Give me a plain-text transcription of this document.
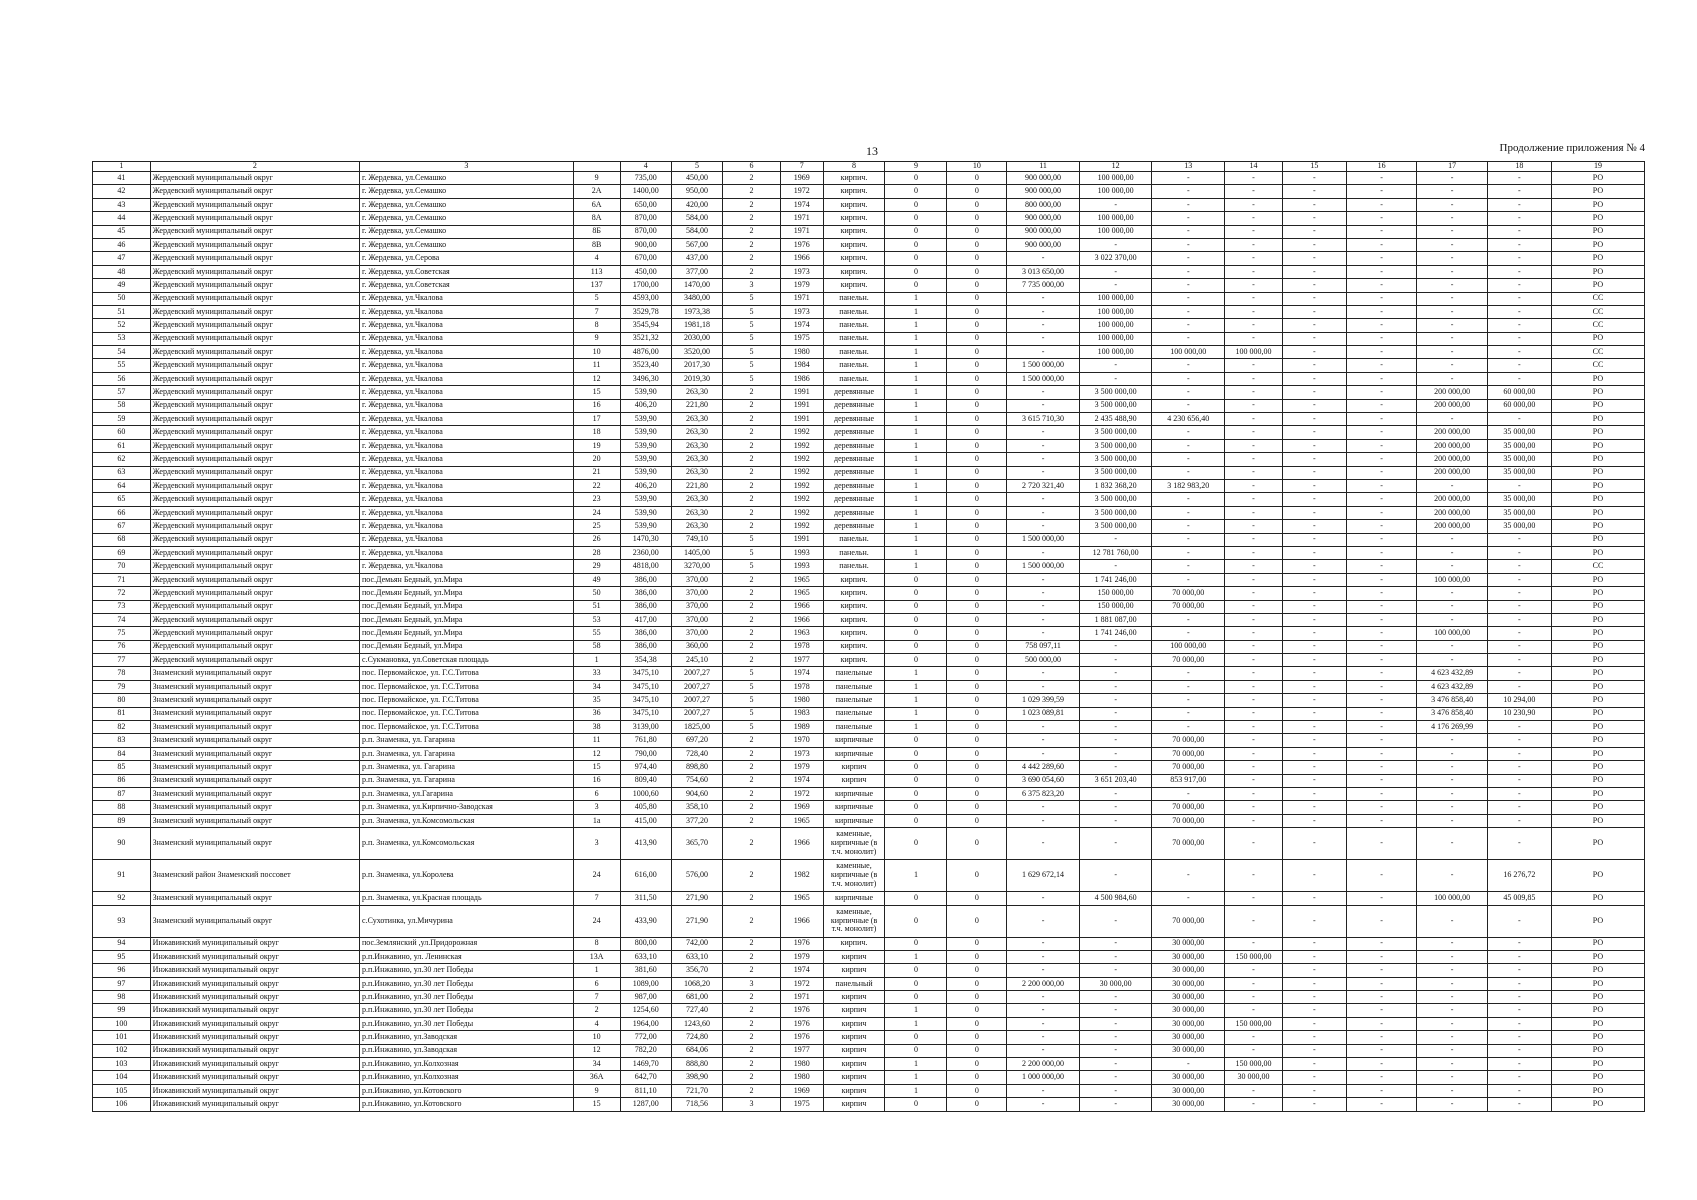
13	Продолжение приложения № 4
1	2	3		4	5	6	7	8	9	10	11	12	13	14	15	16	17	18	19
41	Жердевский муниципальный округ	г. Жердевка, ул.Семашко	9	735,00	450,00	2	1969	кирпич.	0	0	900 000,00	100 000,00	-	-	-	-	-	-	РО
42	Жердевский муниципальный округ	г. Жердевка, ул.Семашко	2А	1400,00	950,00	2	1972	кирпич.	0	0	900 000,00	100 000,00	-	-	-	-	-	-	РО
43	Жердевский муниципальный округ	г. Жердевка, ул.Семашко	6А	650,00	420,00	2	1974	кирпич.	0	0	800 000,00	-	-	-	-	-	-	-	РО
44	Жердевский муниципальный округ	г. Жердевка, ул.Семашко	8А	870,00	584,00	2	1971	кирпич.	0	0	900 000,00	100 000,00	-	-	-	-	-	-	РО
45	Жердевский муниципальный округ	г. Жердевка, ул.Семашко	8Б	870,00	584,00	2	1971	кирпич.	0	0	900 000,00	100 000,00	-	-	-	-	-	-	РО
46	Жердевский муниципальный округ	г. Жердевка, ул.Семашко	8В	900,00	567,00	2	1976	кирпич.	0	0	900 000,00	-	-	-	-	-	-	-	РО
47	Жердевский муниципальный округ	г. Жердевка, ул.Серова	4	670,00	437,00	2	1966	кирпич.	0	0	-	3 022 370,00	-	-	-	-	-	-	РО
48	Жердевский муниципальный округ	г. Жердевка, ул.Советская	113	450,00	377,00	2	1973	кирпич.	0	0	3 013 650,00	-	-	-	-	-	-	-	РО
49	Жердевский муниципальный округ	г. Жердевка, ул.Советская	137	1700,00	1470,00	3	1979	кирпич.	0	0	7 735 000,00	-	-	-	-	-	-	-	РО
50	Жердевский муниципальный округ	г. Жердевка, ул.Чкалова	5	4593,00	3480,00	5	1971	панельн.	1	0	-	100 000,00	-	-	-	-	-	-	СС
51	Жердевский муниципальный округ	г. Жердевка, ул.Чкалова	7	3529,78	1973,38	5	1973	панельн.	1	0	-	100 000,00	-	-	-	-	-	-	СС
52	Жердевский муниципальный округ	г. Жердевка, ул.Чкалова	8	3545,94	1981,18	5	1974	панельн.	1	0	-	100 000,00	-	-	-	-	-	-	СС
53	Жердевский муниципальный округ	г. Жердевка, ул.Чкалова	9	3521,32	2030,00	5	1975	панельн.	1	0	-	100 000,00	-	-	-	-	-	-	РО
54	Жердевский муниципальный округ	г. Жердевка, ул.Чкалова	10	4876,00	3520,00	5	1980	панельн.	1	0	-	100 000,00	100 000,00	100 000,00	-	-	-	-	СС
55	Жердевский муниципальный округ	г. Жердевка, ул.Чкалова	11	3523,40	2017,30	5	1984	панельн.	1	0	1 500 000,00	-	-	-	-	-	-	-	СС
56	Жердевский муниципальный округ	г. Жердевка, ул.Чкалова	12	3496,30	2019,30	5	1986	панельн.	1	0	1 500 000,00	-	-	-	-	-	-	-	РО
57	Жердевский муниципальный округ	г. Жердевка, ул.Чкалова	15	539,90	263,30	2	1991	деревянные	1	0	-	3 500 000,00	-	-	-	-	200 000,00	60 000,00	РО
58	Жердевский муниципальный округ	г. Жердевка, ул.Чкалова	16	406,20	221,80	2	1991	деревянные	1	0	-	3 500 000,00	-	-	-	-	200 000,00	60 000,00	РО
59	Жердевский муниципальный округ	г. Жердевка, ул.Чкалова	17	539,90	263,30	2	1991	деревянные	1	0	3 615 710,30	2 435 488,90	4 230 656,40	-	-	-	-	-	РО
60	Жердевский муниципальный округ	г. Жердевка, ул.Чкалова	18	539,90	263,30	2	1992	деревянные	1	0	-	3 500 000,00	-	-	-	-	200 000,00	35 000,00	РО
61	Жердевский муниципальный округ	г. Жердевка, ул.Чкалова	19	539,90	263,30	2	1992	деревянные	1	0	-	3 500 000,00	-	-	-	-	200 000,00	35 000,00	РО
62	Жердевский муниципальный округ	г. Жердевка, ул.Чкалова	20	539,90	263,30	2	1992	деревянные	1	0	-	3 500 000,00	-	-	-	-	200 000,00	35 000,00	РО
63	Жердевский муниципальный округ	г. Жердевка, ул.Чкалова	21	539,90	263,30	2	1992	деревянные	1	0	-	3 500 000,00	-	-	-	-	200 000,00	35 000,00	РО
64	Жердевский муниципальный округ	г. Жердевка, ул.Чкалова	22	406,20	221,80	2	1992	деревянные	1	0	2 720 321,40	1 832 368,20	3 182 983,20	-	-	-	-	-	РО
65	Жердевский муниципальный округ	г. Жердевка, ул.Чкалова	23	539,90	263,30	2	1992	деревянные	1	0	-	3 500 000,00	-	-	-	-	200 000,00	35 000,00	РО
66	Жердевский муниципальный округ	г. Жердевка, ул.Чкалова	24	539,90	263,30	2	1992	деревянные	1	0	-	3 500 000,00	-	-	-	-	200 000,00	35 000,00	РО
67	Жердевский муниципальный округ	г. Жердевка, ул.Чкалова	25	539,90	263,30	2	1992	деревянные	1	0	-	3 500 000,00	-	-	-	-	200 000,00	35 000,00	РО
68	Жердевский муниципальный округ	г. Жердевка, ул.Чкалова	26	1470,30	749,10	5	1991	панельн.	1	0	1 500 000,00	-	-	-	-	-	-	-	РО
69	Жердевский муниципальный округ	г. Жердевка, ул.Чкалова	28	2360,00	1405,00	5	1993	панельн.	1	0	-	12 781 760,00	-	-	-	-	-	-	РО
70	Жердевский муниципальный округ	г. Жердевка, ул.Чкалова	29	4818,00	3270,00	5	1993	панельн.	1	0	1 500 000,00	-	-	-	-	-	-	-	СС
71	Жердевский муниципальный округ	пос.Демьян Бедный, ул.Мира	49	386,00	370,00	2	1965	кирпич.	0	0	-	1 741 246,00	-	-	-	-	100 000,00	-	РО
72	Жердевский муниципальный округ	пос.Демьян Бедный, ул.Мира	50	386,00	370,00	2	1965	кирпич.	0	0	-	150 000,00	70 000,00	-	-	-	-	-	РО
73	Жердевский муниципальный округ	пос.Демьян Бедный, ул.Мира	51	386,00	370,00	2	1966	кирпич.	0	0	-	150 000,00	70 000,00	-	-	-	-	-	РО
74	Жердевский муниципальный округ	пос.Демьян Бедный, ул.Мира	53	417,00	370,00	2	1966	кирпич.	0	0	-	1 881 087,00	-	-	-	-	-	-	РО
75	Жердевский муниципальный округ	пос.Демьян Бедный, ул.Мира	55	386,00	370,00	2	1963	кирпич.	0	0	-	1 741 246,00	-	-	-	-	100 000,00	-	РО
76	Жердевский муниципальный округ	пос.Демьян Бедный, ул.Мира	58	386,00	360,00	2	1978	кирпич.	0	0	758 097,11	-	100 000,00	-	-	-	-	-	РО
77	Жердевский муниципальный округ	с.Сукмановка, ул.Советская площадь	1	354,38	245,10	2	1977	кирпич.	0	0	500 000,00	-	70 000,00	-	-	-	-	-	РО
78	Знаменский муниципальный округ	пос. Первомайское, ул. Г.С.Титова	33	3475,10	2007,27	5	1974	панельные	1	0	-	-	-	-	-	-	4 623 432,89	-	РО
79	Знаменский муниципальный округ	пос. Первомайское, ул. Г.С.Титова	34	3475,10	2007,27	5	1978	панельные	1	0	-	-	-	-	-	-	4 623 432,89	-	РО
80	Знаменский муниципальный округ	пос. Первомайское, ул. Г.С.Титова	35	3475,10	2007,27	5	1980	панельные	1	0	1 029 399,59	-	-	-	-	-	3 476 858,40	10 294,00	РО
81	Знаменский муниципальный округ	пос. Первомайское, ул. Г.С.Титова	36	3475,10	2007,27	5	1983	панельные	1	0	1 023 089,81	-	-	-	-	-	3 476 858,40	10 230,90	РО
82	Знаменский муниципальный округ	пос. Первомайское, ул. Г.С.Титова	38	3139,00	1825,00	5	1989	панельные	1	0	-	-	-	-	-	-	4 176 269,99	-	РО
83	Знаменский муниципальный округ	р.п. Знаменка, ул. Гагарина	11	761,80	697,20	2	1970	кирпичные	0	0	-	-	70 000,00	-	-	-	-	-	РО
84	Знаменский муниципальный округ	р.п. Знаменка, ул. Гагарина	12	790,00	728,40	2	1973	кирпичные	0	0	-	-	70 000,00	-	-	-	-	-	РО
85	Знаменский муниципальный округ	р.п. Знаменка, ул. Гагарина	15	974,40	898,80	2	1979	кирпич	0	0	4 442 289,60	-	70 000,00	-	-	-	-	-	РО
86	Знаменский муниципальный округ	р.п. Знаменка, ул. Гагарина	16	809,40	754,60	2	1974	кирпич	0	0	3 690 054,60	3 651 203,40	853 917,00	-	-	-	-	-	РО
87	Знаменский муниципальный округ	р.п. Знаменка, ул.Гагарина	6	1000,60	904,60	2	1972	кирпичные	0	0	6 375 823,20	-	-	-	-	-	-	-	РО
88	Знаменский муниципальный округ	р.п. Знаменка, ул.Кирпично-Заводская	3	405,80	358,10	2	1969	кирпичные	0	0	-	-	70 000,00	-	-	-	-	-	РО
89	Знаменский муниципальный округ	р.п. Знаменка, ул.Комсомольская	1а	415,00	377,20	2	1965	кирпичные	0	0	-	-	70 000,00	-	-	-	-	-	РО
90	Знаменский муниципальный округ	р.п. Знаменка, ул.Комсомольская	3	413,90	365,70	2	1966	каменные, кирпичные (в т.ч. монолит)	0	0	-	-	70 000,00	-	-	-	-	-	РО
91	Знаменский район Знаменский поссовет	р.п. Знаменка, ул.Королева	24	616,00	576,00	2	1982	каменные, кирпичные (в т.ч. монолит)	1	0	1 629 672,14	-	-	-	-	-	-	16 276,72	РО
92	Знаменский муниципальный округ	р.п. Знаменка, ул.Красная площадь	7	311,50	271,90	2	1965	кирпичные	0	0	-	4 500 984,60	-	-	-	-	100 000,00	45 009,85	РО
93	Знаменский муниципальный округ	с.Сухотинка, ул.Мичурина	24	433,90	271,90	2	1966	каменные, кирпичные (в т.ч. монолит)	0	0	-	-	70 000,00	-	-	-	-	-	РО
94	Инжавинский муниципальный округ	пос.Землянский ,ул.Придорожная	8	800,00	742,00	2	1976	кирпич.	0	0	-	-	30 000,00	-	-	-	-	-	РО
95	Инжавинский муниципальный округ	р.п.Инжавино, ул. Ленинская	13А	633,10	633,10	2	1979	кирпич	1	0	-	-	30 000,00	150 000,00	-	-	-	-	РО
96	Инжавинский муниципальный округ	р.п.Инжавино, ул.30 лет Победы	1	381,60	356,70	2	1974	кирпич	0	0	-	-	30 000,00	-	-	-	-	-	РО
97	Инжавинский муниципальный округ	р.п.Инжавино, ул.30 лет Победы	6	1089,00	1068,20	3	1972	панельный	0	0	2 200 000,00	30 000,00	30 000,00	-	-	-	-	-	РО
98	Инжавинский муниципальный округ	р.п.Инжавино, ул.30 лет Победы	7	987,00	681,00	2	1971	кирпич	0	0	-	-	30 000,00	-	-	-	-	-	РО
99	Инжавинский муниципальный округ	р.п.Инжавино, ул.30 лет Победы	2	1254,60	727,40	2	1976	кирпич	1	0	-	-	30 000,00	-	-	-	-	-	РО
100	Инжавинский муниципальный округ	р.п.Инжавино, ул.30 лет Победы	4	1964,00	1243,60	2	1976	кирпич	1	0	-	-	30 000,00	150 000,00	-	-	-	-	РО
101	Инжавинский муниципальный округ	р.п.Инжавино, ул.Заводская	10	772,00	724,80	2	1976	кирпич	0	0	-	-	30 000,00	-	-	-	-	-	РО
102	Инжавинский муниципальный округ	р.п.Инжавино, ул.Заводская	12	782,20	684,06	2	1977	кирпич	0	0	-	-	30 000,00	-	-	-	-	-	РО
103	Инжавинский муниципальный округ	р.п.Инжавино, ул.Колхозная	34	1469,70	888,80	2	1980	кирпич	1	0	2 200 000,00	-	-	150 000,00	-	-	-	-	РО
104	Инжавинский муниципальный округ	р.п.Инжавино, ул.Колхозная	36А	642,70	398,90	2	1980	кирпич	1	0	1 000 000,00	-	30 000,00	30 000,00	-	-	-	-	РО
105	Инжавинский муниципальный округ	р.п.Инжавино, ул.Котовского	9	811,10	721,70	2	1969	кирпич	1	0	-	-	30 000,00	-	-	-	-	-	РО
106	Инжавинский муниципальный округ	р.п.Инжавино, ул.Котовского	15	1287,00	718,56	3	1975	кирпич	0	0	-	-	30 000,00	-	-	-	-	-	РО
